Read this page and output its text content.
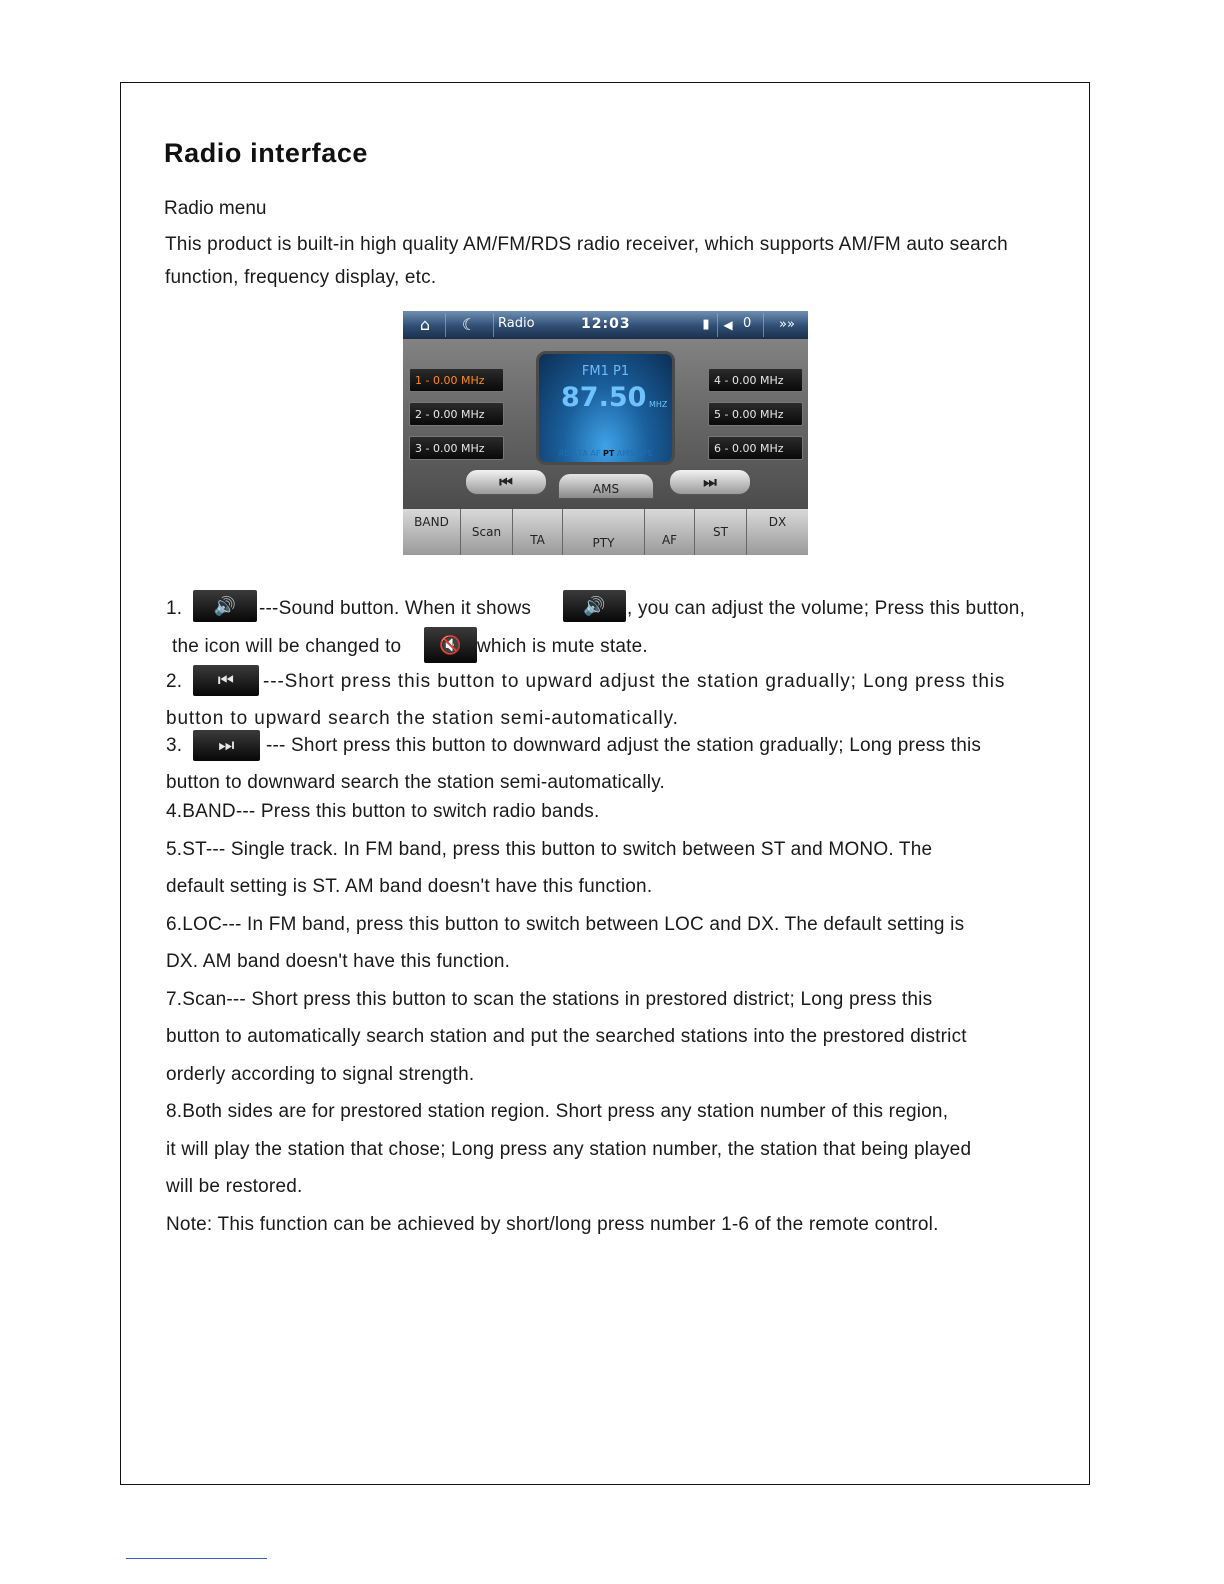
Radio interface
Radio menu
This product is built-in high quality AM/FM/RDS radio receiver, which supports AM/FM auto search function, frequency display, etc.
⌂	☾	Radio	12:03	▮ ◀ 0	»»
1 - 0.00 MHz
2 - 0.00 MHz
3 - 0.00 MHz
4 - 0.00 MHz
5 - 0.00 MHz
6 - 0.00 MHz
FM1 P1
87.50 MHZ
RDS TA AF PT AMS APS
⏮	⏭
AMS
BAND
Scan
TA	PTY	AF
ST
DX
1.	🔊	---Sound button. When it shows	🔊	, you can adjust the volume; Press this button,
the icon will be changed to	🔇 which is mute state.
2.	⏮	---Short press this button to upward adjust the station gradually; Long press this
button to upward search the station semi-automatically.
3.	⏭	--- Short press this button to downward adjust the station gradually; Long press this
button to downward search the station semi-automatically.
4.BAND--- Press this button to switch radio bands.
5.ST--- Single track. In FM band, press this button to switch between ST and MONO. The
default setting is ST. AM band doesn't have this function.
6.LOC--- In FM band, press this button to switch between LOC and DX. The default setting is
DX. AM band doesn't have this function.
7.Scan--- Short press this button to scan the stations in prestored district; Long press this
button to automatically search station and put the searched stations into the prestored district
orderly according to signal strength.
8.Both sides are for prestored station region. Short press any station number of this region,
it will play the station that chose; Long press any station number, the station that being played
will be restored.
Note: This function can be achieved by short/long press number 1-6 of the remote control.
